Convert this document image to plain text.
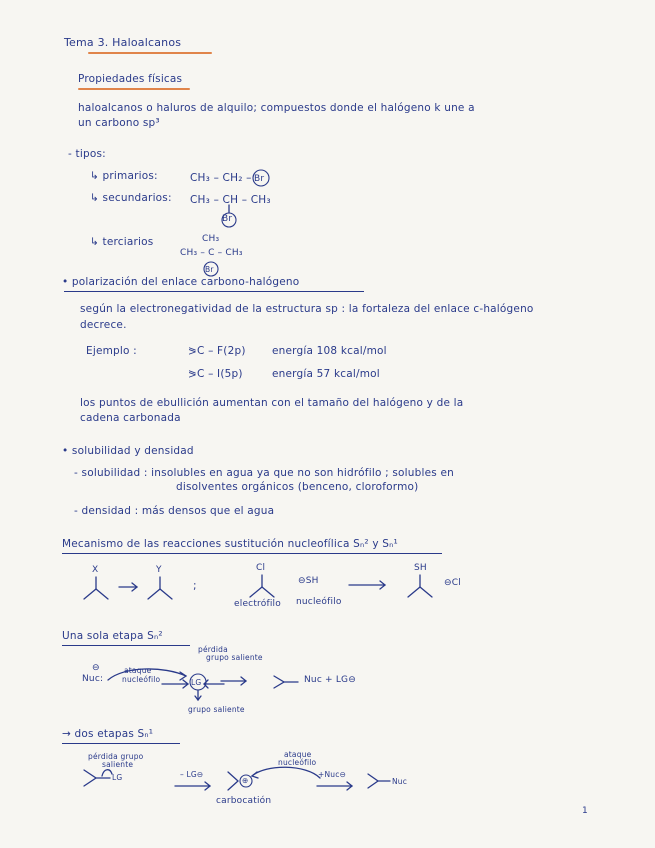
Tema 3. Haloalcanos
Propiedades físicas
haloalcanos o haluros de alquilo; compuestos donde el halógeno k une a
un carbono sp³
- tipos:
↳ primarios:	CH₃ – CH₂ – Br
↳ secundarios: CH₃ – CH – CH₃
Br
↳ terciarios	CH₃
CH₃ – C – CH₃
Br
• polarización del enlace carbono-halógeno
según la electronegatividad de la estructura sp : la fortaleza del enlace c-halógeno
decrece.
Ejemplo :	⪖C – F(2p)	energía 108 kcal/mol
⪖C – I(5p)	energía 57 kcal/mol
los puntos de ebullición aumentan con el tamaño del halógeno y de la
cadena carbonada
• solubilidad y densidad
- solubilidad : insolubles en agua ya que no son hidrófilo ; solubles en
disolventes orgánicos (benceno, cloroformo)
- densidad : más densos que el agua
Mecanismo de las reacciones sustitución nucleofílica Sₙ² y Sₙ¹
X	Y
;
Cl
electrófilo
⊖SH
nucleófilo
SH
⊖Cl
Una sola etapa Sₙ²
pérdida
grupo saliente
⊖
Nuc:
ataque
nucleófilo	LG	Nuc + LG⊖
grupo saliente
→ dos etapas Sₙ¹
pérdida grupo
saliente
LG	– LG⊖
⊕
carbocatión
ataque
nucleófilo
+Nuc⊖
Nuc
1
